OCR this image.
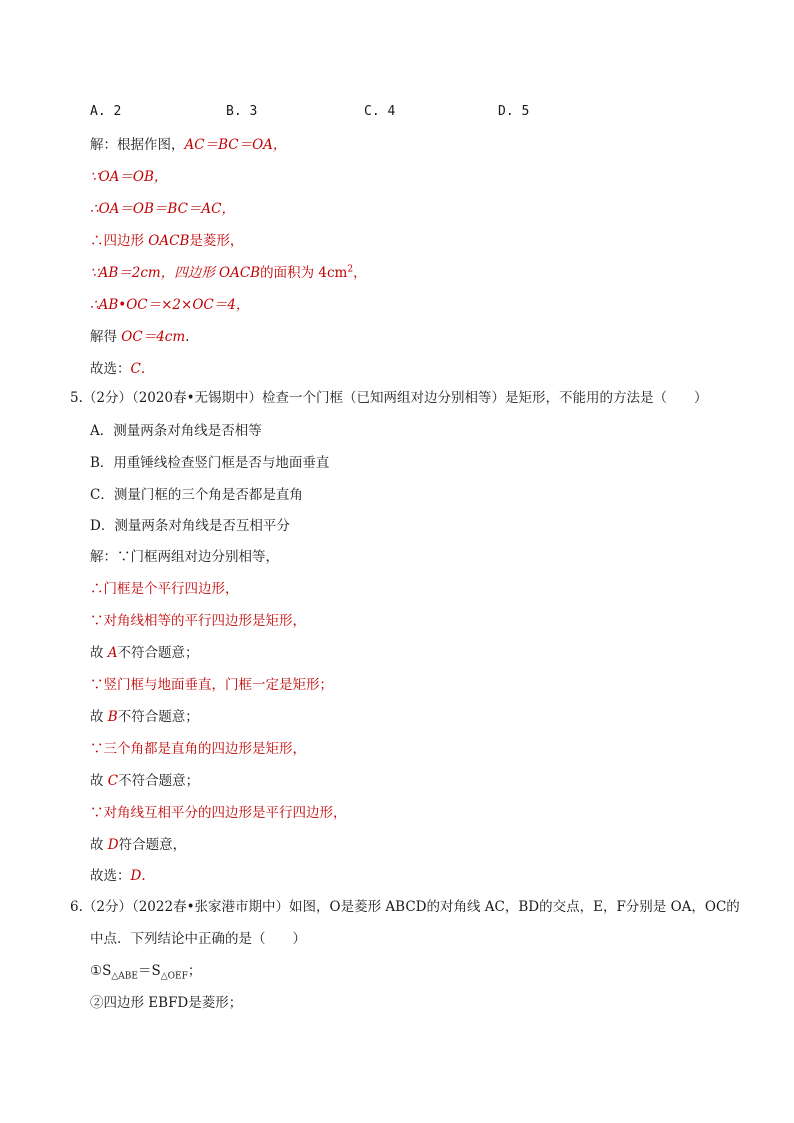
A. 2	B. 3	C. 4	D. 5
解：根据作图，AC＝BC＝OA，
∵OA＝OB，
∴OA＝OB＝BC＝AC，
∴四边形 OACB是菱形，
∵AB＝2cm，四边形 OACB的面积为 $4cm^2$，
∴AB•OC＝×2×OC＝4，
解得 OC＝4cm.
故选：C.
5.（2分）（2020春•无锡期中）检查一个门框（已知两组对边分别相等）是矩形，不能用的方法是（　　）
A．测量两条对角线是否相等
B．用重锤线检查竖门框是否与地面垂直
C．测量门框的三个角是否都是直角
D．测量两条对角线是否互相平分
解：∵门框两组对边分别相等，
∴门框是个平行四边形，
∵对角线相等的平行四边形是矩形，
故 A不符合题意；
∵竖门框与地面垂直，门框一定是矩形；
故 B不符合题意；
∵三个角都是直角的四边形是矩形，
故 C不符合题意；
∵对角线互相平分的四边形是平行四边形，
故 D符合题意，
故选：D.
6.（2分）（2022春•张家港市期中）如图，O是菱形 ABCD的对角线 AC，BD的交点，E，F分别是 OA，OC的
中点．下列结论中正确的是（　　）
$①S_{\triangle ABE}=S_{\triangle OEF}$；
②四边形 EBFD是菱形；
